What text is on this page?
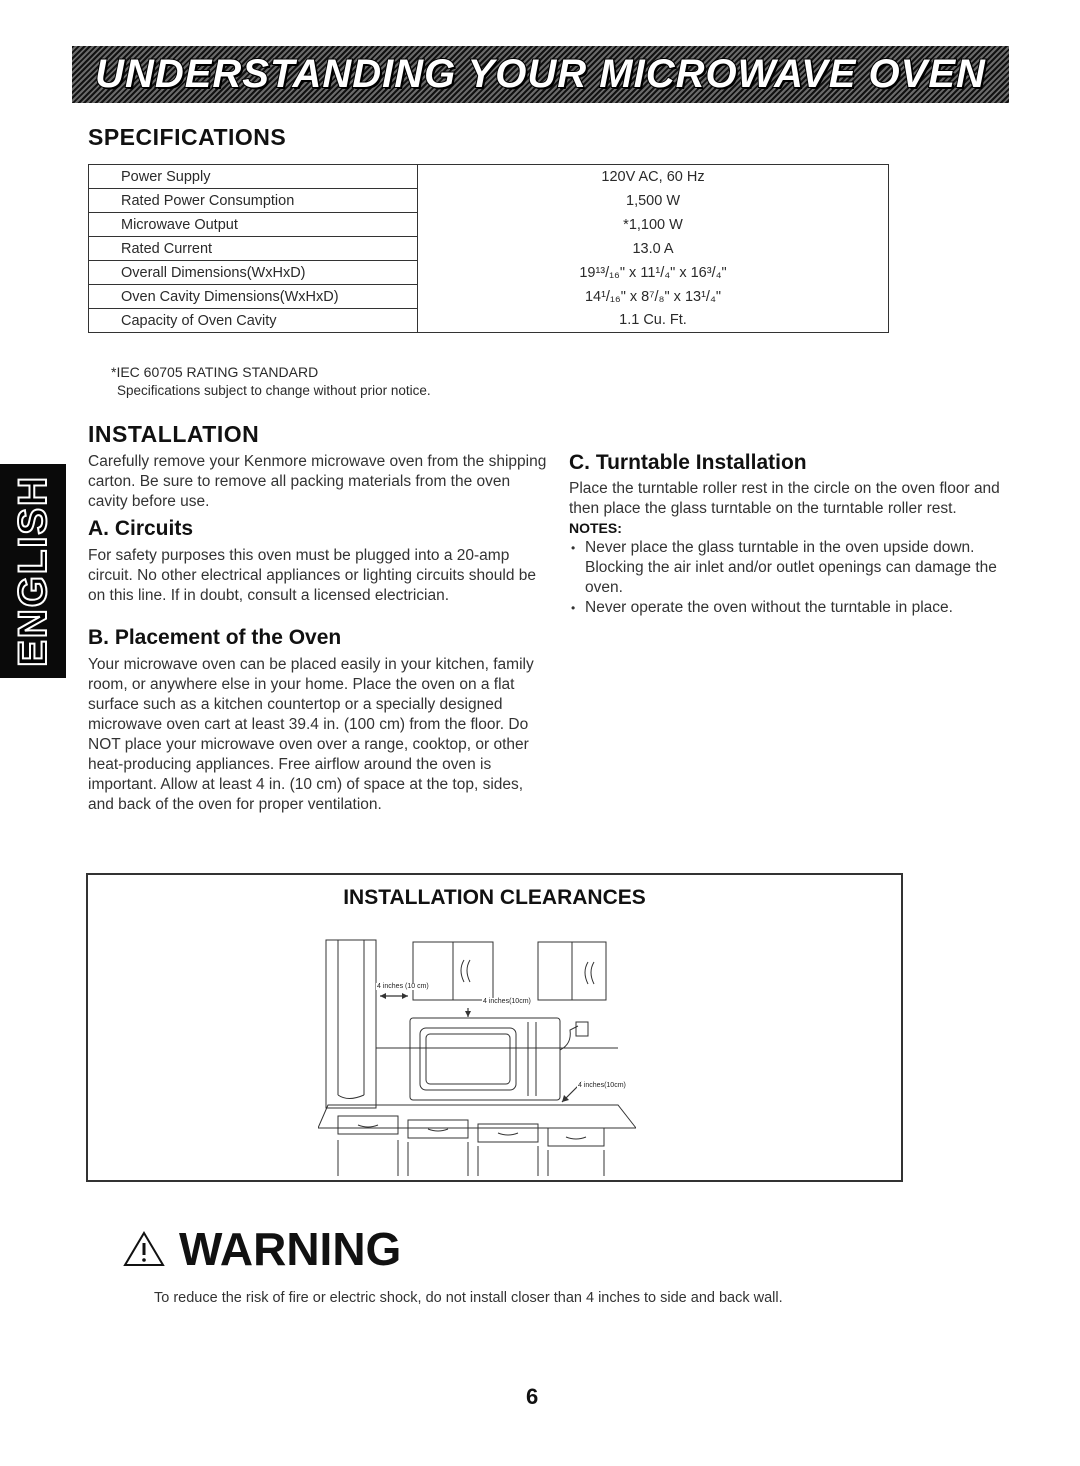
UNDERSTANDING YOUR MICROWAVE OVEN
SPECIFICATIONS
Power Supply	120V AC, 60 Hz
Rated Power Consumption	1,500 W
Microwave Output	*1,100 W
Rated Current	13.0 A
Overall Dimensions(WxHxD)	19¹³/₁₆" x 11¹/₄" x 16³/₄"
Oven Cavity Dimensions(WxHxD)	14¹/₁₆" x 8⁷/₈" x 13¹/₄"
Capacity of Oven Cavity	1.1 Cu. Ft.
*IEC 60705 RATING STANDARD
Specifications subject to change without prior notice.
ENGLISH
INSTALLATION
Carefully remove your Kenmore microwave oven from the shipping carton. Be sure to remove all packing materials from the oven cavity before use.
A. Circuits
For safety purposes this oven must be plugged into a 20-amp circuit. No other electrical appliances or lighting circuits should be on this line. If in doubt, consult a licensed electrician.
B. Placement of the Oven
Your microwave oven can be placed easily in your kitchen, family room, or anywhere else in your home. Place the oven on a flat surface such as a kitchen countertop or a specially designed microwave oven cart at least 39.4 in. (100 cm) from the floor. Do NOT place your microwave oven over a range, cooktop, or other heat-producing appliances. Free airflow around the oven is important. Allow at least 4 in. (10 cm) of space at the top, sides, and back of the oven for proper ventilation.
C. Turntable Installation
Place the turntable roller rest in the circle on the oven floor and then place the glass turntable on the turntable roller rest.
NOTES:
• Never place the glass turntable in the oven upside down. Blocking the air inlet and/or outlet openings can damage the oven.
• Never operate the oven without the turntable in place.
INSTALLATION CLEARANCES
4 inches (10 cm)
4 inches(10cm)
4 inches(10cm)
WARNING
To reduce the risk of fire or electric shock, do not install closer than 4 inches to side and back wall.
6
